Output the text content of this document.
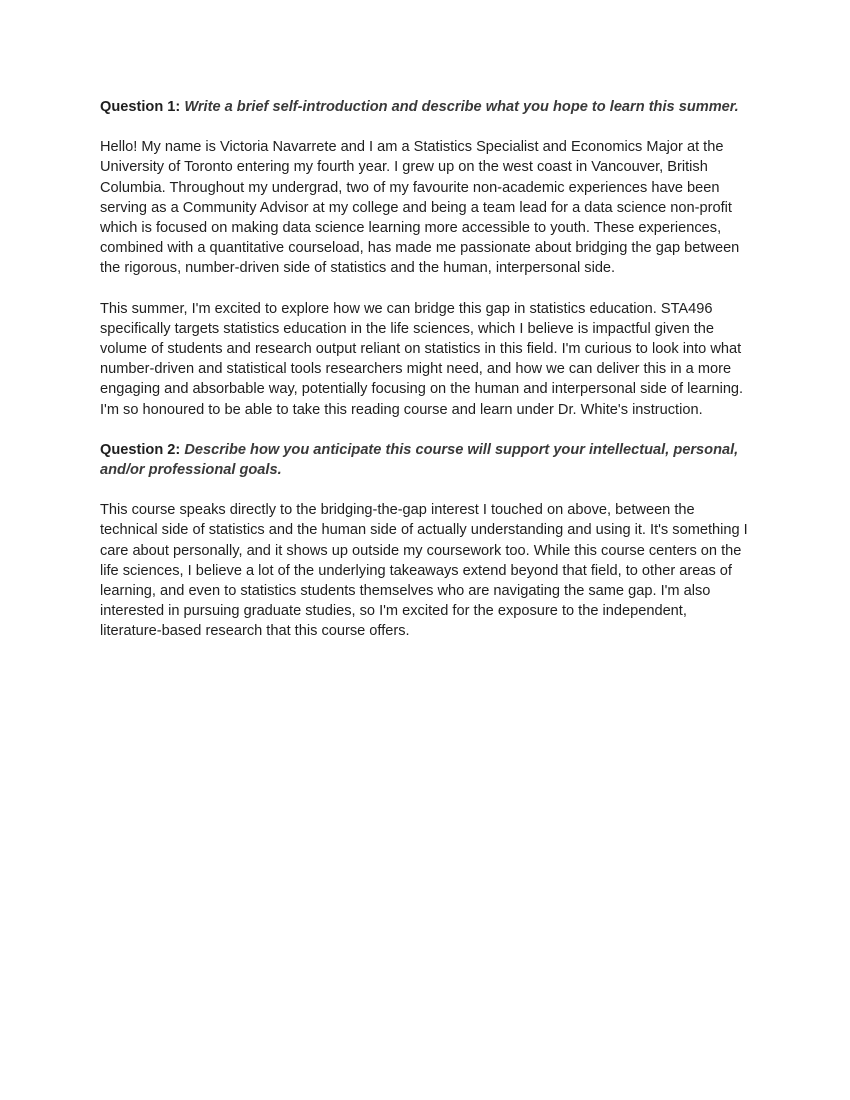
Question 1: Write a brief self-introduction and describe what you hope to learn this summer.

Hello! My name is Victoria Navarrete and I am a Statistics Specialist and Economics Major at the University of Toronto entering my fourth year. I grew up on the west coast in Vancouver, British Columbia. Throughout my undergrad, two of my favourite non-academic experiences have been serving as a Community Advisor at my college and being a team lead for a data science non-profit which is focused on making data science learning more accessible to youth. These experiences, combined with a quantitative courseload, has made me passionate about bridging the gap between the rigorous, number-driven side of statistics and the human, interpersonal side.

This summer, I'm excited to explore how we can bridge this gap in statistics education. STA496 specifically targets statistics education in the life sciences, which I believe is impactful given the volume of students and research output reliant on statistics in this field. I'm curious to look into what number-driven and statistical tools researchers might need, and how we can deliver this in a more engaging and absorbable way, potentially focusing on the human and interpersonal side of learning. I'm so honoured to be able to take this reading course and learn under Dr. White's instruction.

Question 2: Describe how you anticipate this course will support your intellectual, personal, and/or professional goals.

This course speaks directly to the bridging-the-gap interest I touched on above, between the technical side of statistics and the human side of actually understanding and using it. It's something I care about personally, and it shows up outside my coursework too. While this course centers on the life sciences, I believe a lot of the underlying takeaways extend beyond that field, to other areas of learning, and even to statistics students themselves who are navigating the same gap. I'm also interested in pursuing graduate studies, so I'm excited for the exposure to the independent, literature-based research that this course offers.
